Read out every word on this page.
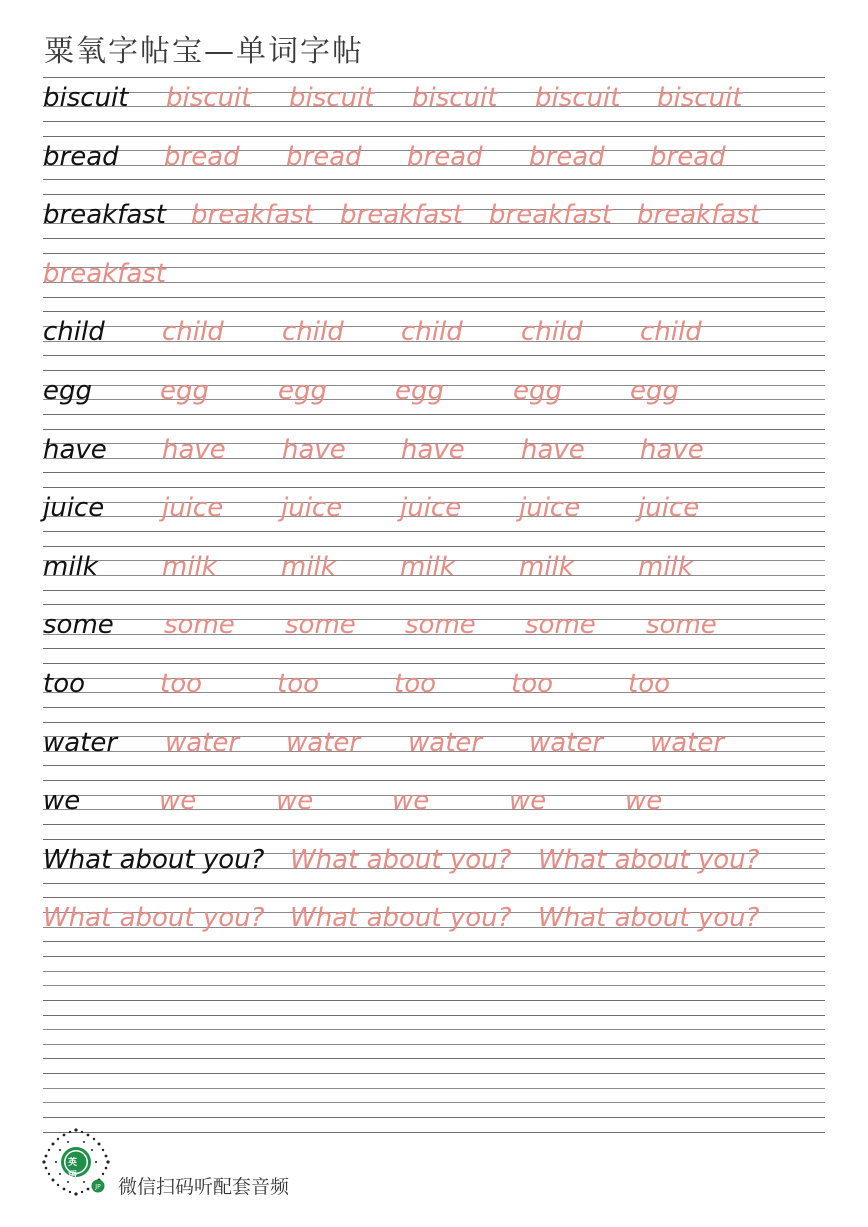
粟氧字帖宝—单词字帖
biscuit biscuit biscuit biscuit biscuit biscuit
bread bread bread bread bread bread
breakfast breakfast breakfast breakfast breakfast
breakfast
child child child child child child
egg	egg	egg	egg	egg	egg
have have have have have have
juice juice juice juice juice juice
milk milk milk milk milk milk
some some some some some some
too	too	too	too	too	too
water water water water water water
we	we	we	we	we	we
What about you? What about you? What about you?
What about you? What about you? What about you?
JP
英语 微信扫码听配套音频
